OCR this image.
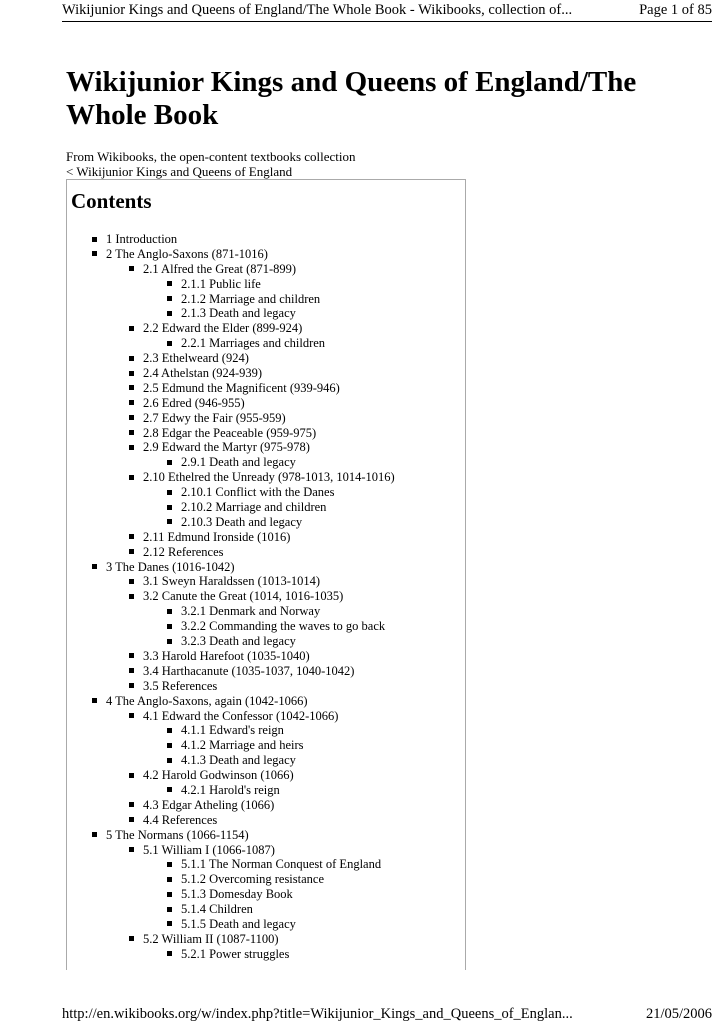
Wikijunior Kings and Queens of England/The Whole Book - Wikibooks, collection of...	Page 1 of 85
Wikijunior Kings and Queens of England/The Whole Book

From Wikibooks, the open-content textbooks collection

< Wikijunior Kings and Queens of England

Contents
1 Introduction
2 The Anglo-Saxons (871-1016)
2.1 Alfred the Great (871-899)
2.1.1 Public life
2.1.2 Marriage and children
2.1.3 Death and legacy
2.2 Edward the Elder (899-924)
2.2.1 Marriages and children
2.3 Ethelweard (924)
2.4 Athelstan (924-939)
2.5 Edmund the Magnificent (939-946)
2.6 Edred (946-955)
2.7 Edwy the Fair (955-959)
2.8 Edgar the Peaceable (959-975)
2.9 Edward the Martyr (975-978)
2.9.1 Death and legacy
2.10 Ethelred the Unready (978-1013, 1014-1016)
2.10.1 Conflict with the Danes
2.10.2 Marriage and children
2.10.3 Death and legacy
2.11 Edmund Ironside (1016)
2.12 References
3 The Danes (1016-1042)
3.1 Sweyn Haraldssen (1013-1014)
3.2 Canute the Great (1014, 1016-1035)
3.2.1 Denmark and Norway
3.2.2 Commanding the waves to go back
3.2.3 Death and legacy
3.3 Harold Harefoot (1035-1040)
3.4 Harthacanute (1035-1037, 1040-1042)
3.5 References
4 The Anglo-Saxons, again (1042-1066)
4.1 Edward the Confessor (1042-1066)
4.1.1 Edward's reign
4.1.2 Marriage and heirs
4.1.3 Death and legacy
4.2 Harold Godwinson (1066)
4.2.1 Harold's reign
4.3 Edgar Atheling (1066)
4.4 References
5 The Normans (1066-1154)
5.1 William I (1066-1087)
5.1.1 The Norman Conquest of England
5.1.2 Overcoming resistance
5.1.3 Domesday Book
5.1.4 Children
5.1.5 Death and legacy
5.2 William II (1087-1100)
5.2.1 Power struggles
http://en.wikibooks.org/w/index.php?title=Wikijunior_Kings_and_Queens_of_Englan...	21/05/2006
